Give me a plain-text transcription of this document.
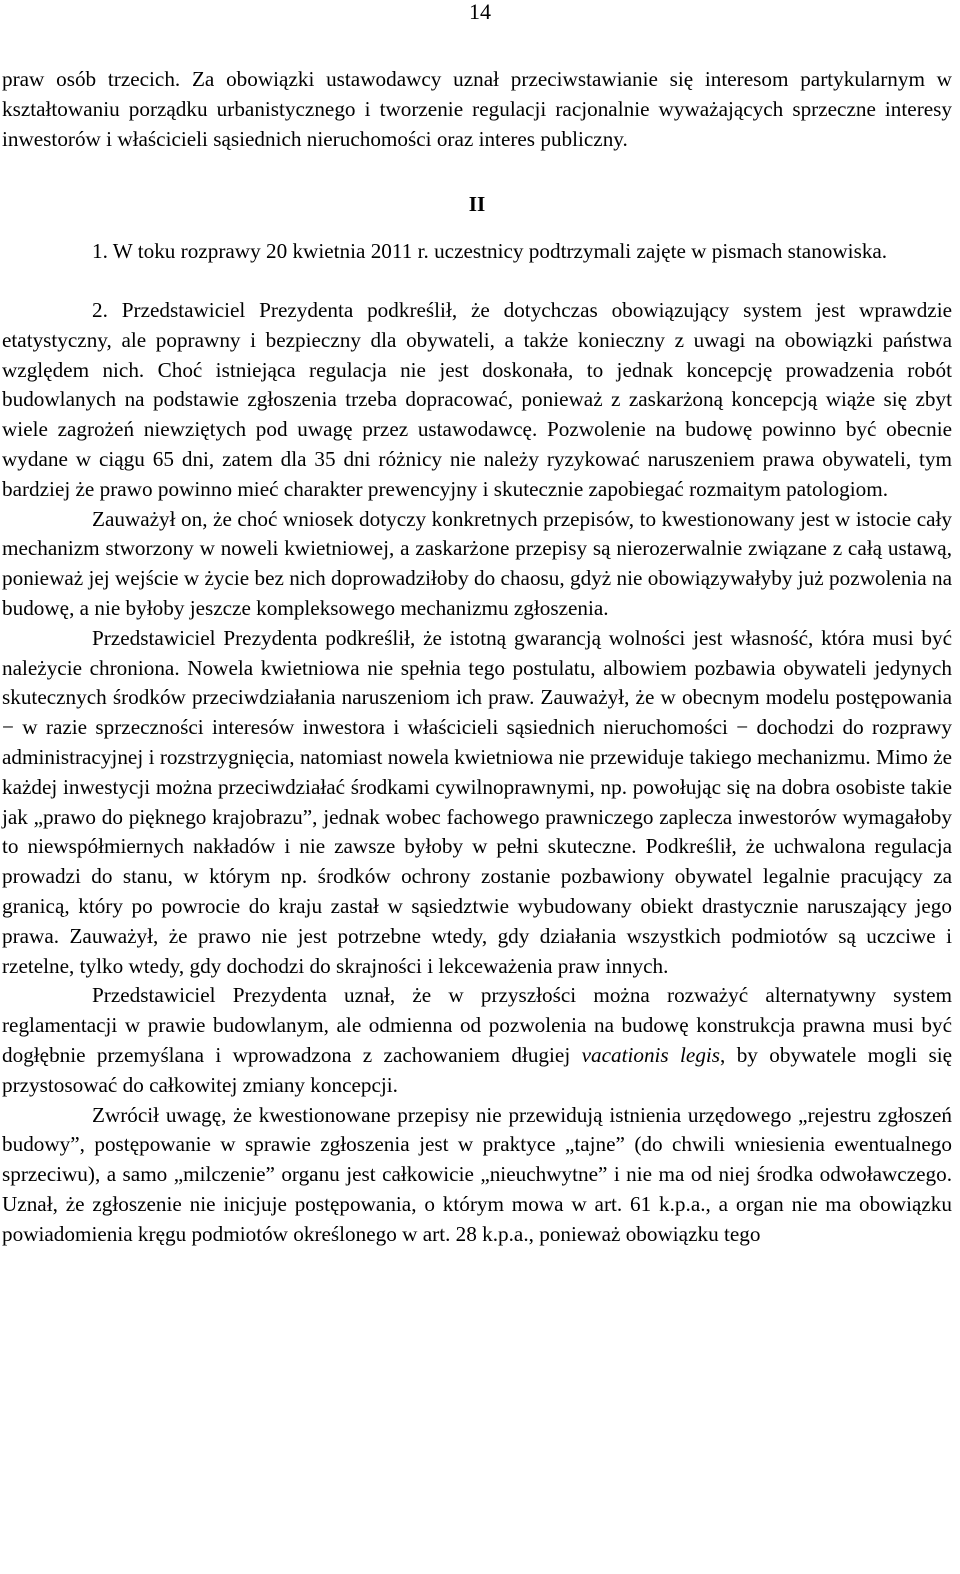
14

praw osób trzecich. Za obowiązki ustawodawcy uznał przeciwstawianie się interesom partykularnym w kształtowaniu porządku urbanistycznego i tworzenie regulacji racjonalnie wyważających sprzeczne interesy inwestorów i właścicieli sąsiednich nieruchomości oraz interes publiczny.

II

1. W toku rozprawy 20 kwietnia 2011 r. uczestnicy podtrzymali zajęte w pismach stanowiska.

2. Przedstawiciel Prezydenta podkreślił, że dotychczas obowiązujący system jest wprawdzie etatystyczny, ale poprawny i bezpieczny dla obywateli, a także konieczny z uwagi na obowiązki państwa względem nich. Choć istniejąca regulacja nie jest doskonała, to jednak koncepcję prowadzenia robót budowlanych na podstawie zgłoszenia trzeba dopracować, ponieważ z zaskarżoną koncepcją wiąże się zbyt wiele zagrożeń niewziętych pod uwagę przez ustawodawcę. Pozwolenie na budowę powinno być obecnie wydane w ciągu 65 dni, zatem dla 35 dni różnicy nie należy ryzykować naruszeniem prawa obywateli, tym bardziej że prawo powinno mieć charakter prewencyjny i skutecznie zapobiegać rozmaitym patologiom.

Zauważył on, że choć wniosek dotyczy konkretnych przepisów, to kwestionowany jest w istocie cały mechanizm stworzony w noweli kwietniowej, a zaskarżone przepisy są nierozerwalnie związane z całą ustawą, ponieważ jej wejście w życie bez nich doprowadziłoby do chaosu, gdyż nie obowiązywałyby już pozwolenia na budowę, a nie byłoby jeszcze kompleksowego mechanizmu zgłoszenia.

Przedstawiciel Prezydenta podkreślił, że istotną gwarancją wolności jest własność, która musi być należycie chroniona. Nowela kwietniowa nie spełnia tego postulatu, albowiem pozbawia obywateli jedynych skutecznych środków przeciwdziałania naruszeniom ich praw. Zauważył, że w obecnym modelu postępowania − w razie sprzeczności interesów inwestora i właścicieli sąsiednich nieruchomości − dochodzi do rozprawy administracyjnej i rozstrzygnięcia, natomiast nowela kwietniowa nie przewiduje takiego mechanizmu. Mimo że każdej inwestycji można przeciwdziałać środkami cywilnoprawnymi, np. powołując się na dobra osobiste takie jak „prawo do pięknego krajobrazu”, jednak wobec fachowego prawniczego zaplecza inwestorów wymagałoby to niewspółmiernych nakładów i nie zawsze byłoby w pełni skuteczne. Podkreślił, że uchwalona regulacja prowadzi do stanu, w którym np. środków ochrony zostanie pozbawiony obywatel legalnie pracujący za granicą, który po powrocie do kraju zastał w sąsiedztwie wybudowany obiekt drastycznie naruszający jego prawa. Zauważył, że prawo nie jest potrzebne wtedy, gdy działania wszystkich podmiotów są uczciwe i rzetelne, tylko wtedy, gdy dochodzi do skrajności i lekceważenia praw innych.

Przedstawiciel Prezydenta uznał, że w przyszłości można rozważyć alternatywny system reglamentacji w prawie budowlanym, ale odmienna od pozwolenia na budowę konstrukcja prawna musi być dogłębnie przemyślana i wprowadzona z zachowaniem długiej vacationis legis, by obywatele mogli się przystosować do całkowitej zmiany koncepcji.

Zwrócił uwagę, że kwestionowane przepisy nie przewidują istnienia urzędowego „rejestru zgłoszeń budowy”, postępowanie w sprawie zgłoszenia jest w praktyce „tajne” (do chwili wniesienia ewentualnego sprzeciwu), a samo „milczenie” organu jest całkowicie „nieuchwytne” i nie ma od niej środka odwoławczego. Uznał, że zgłoszenie nie inicjuje postępowania, o którym mowa w art. 61 k.p.a., a organ nie ma obowiązku powiadomienia kręgu podmiotów określonego w art. 28 k.p.a., ponieważ obowiązku tego
